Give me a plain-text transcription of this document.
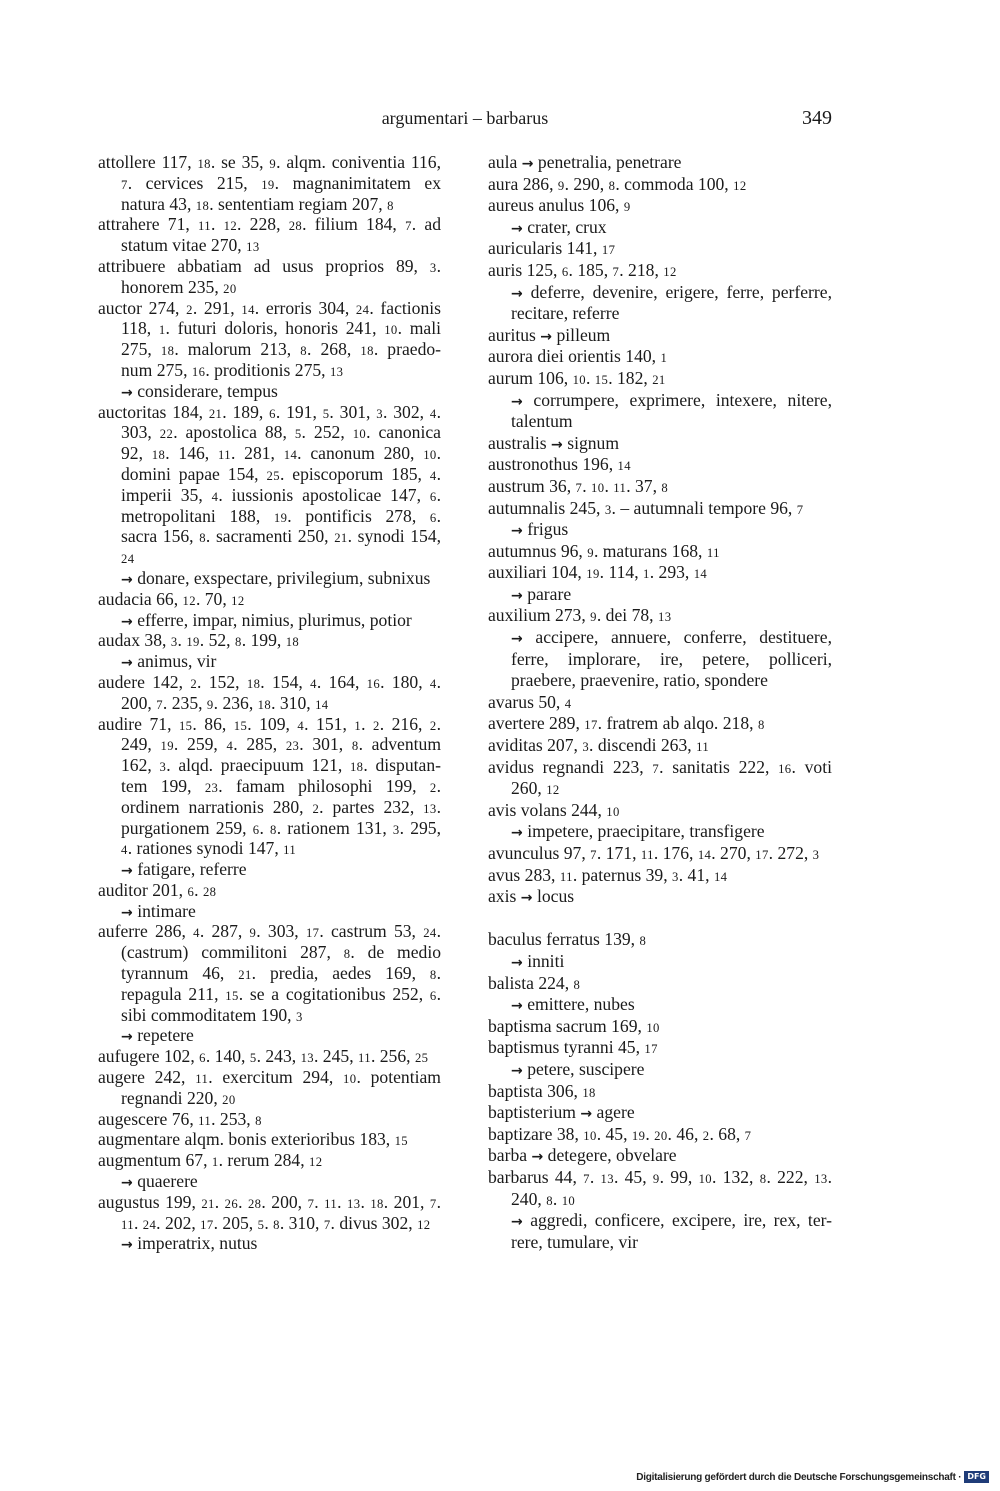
argumentari – barbarus	349
attollere 117, 18. se 35, 9. alqm. coniventia 116,
7. cervices 215, 19. magnanimitatem ex
natura 43, 18. sententiam regiam 207, 8
attrahere 71, 11. 12. 228, 28. filium 184, 7. ad
statum vitae 270, 13
attribuere abbatiam ad usus proprios 89, 3.
honorem 235, 20
auctor 274, 2. 291, 14. erroris 304, 24. factionis
118, 1. futuri doloris, honoris 241, 10. mali
275, 18. malorum 213, 8. 268, 18. praedo-
num 275, 16. proditionis 275, 13
→ considerare, tempus
auctoritas 184, 21. 189, 6. 191, 5. 301, 3. 302, 4.
303, 22. apostolica 88, 5. 252, 10. canonica
92, 18. 146, 11. 281, 14. canonum 280, 10.
domini papae 154, 25. episcoporum 185, 4.
imperii 35, 4. iussionis apostolicae 147, 6.
metropolitani 188, 19. pontificis 278, 6.
sacra 156, 8. sacramenti 250, 21. synodi 154,
24
→ donare, exspectare, privilegium, subnixus
audacia 66, 12. 70, 12
→ efferre, impar, nimius, plurimus, potior
audax 38, 3. 19. 52, 8. 199, 18
→ animus, vir
audere 142, 2. 152, 18. 154, 4. 164, 16. 180, 4.
200, 7. 235, 9. 236, 18. 310, 14
audire 71, 15. 86, 15. 109, 4. 151, 1. 2. 216, 2.
249, 19. 259, 4. 285, 23. 301, 8. adventum
162, 3. alqd. praecipuum 121, 18. disputan-
tem 199, 23. famam philosophi 199, 2.
ordinem narrationis 280, 2. partes 232, 13.
purgationem 259, 6. 8. rationem 131, 3. 295,
4. rationes synodi 147, 11
→ fatigare, referre
auditor 201, 6. 28
→ intimare
auferre 286, 4. 287, 9. 303, 17. castrum 53, 24.
(castrum) commilitoni 287, 8. de medio
tyrannum 46, 21. predia, aedes 169, 8.
repagula 211, 15. se a cogitationibus 252, 6.
sibi commoditatem 190, 3
→ repetere
aufugere 102, 6. 140, 5. 243, 13. 245, 11. 256, 25
augere 242, 11. exercitum 294, 10. potentiam
regnandi 220, 20
augescere 76, 11. 253, 8
augmentare alqm. bonis exterioribus 183, 15
augmentum 67, 1. rerum 284, 12
→ quaerere
augustus 199, 21. 26. 28. 200, 7. 11. 13. 18. 201, 7.
11. 24. 202, 17. 205, 5. 8. 310, 7. divus 302, 12
→ imperatrix, nutus
aula → penetralia, penetrare
aura 286, 9. 290, 8. commoda 100, 12
aureus anulus 106, 9
→ crater, crux
auricularis 141, 17
auris 125, 6. 185, 7. 218, 12
→ deferre, devenire, erigere, ferre, perferre,
recitare, referre
auritus → pilleum
aurora diei orientis 140, 1
aurum 106, 10. 15. 182, 21
→ corrumpere, exprimere, intexere, nitere,
talentum
australis → signum
austronothus 196, 14
austrum 36, 7. 10. 11. 37, 8
autumnalis 245, 3. – autumnali tempore 96, 7
→ frigus
autumnus 96, 9. maturans 168, 11
auxiliari 104, 19. 114, 1. 293, 14
→ parare
auxilium 273, 9. dei 78, 13
→ accipere, annuere, conferre, destituere,
ferre, implorare, ire, petere, polliceri,
praebere, praevenire, ratio, spondere
avarus 50, 4
avertere 289, 17. fratrem ab alqo. 218, 8
aviditas 207, 3. discendi 263, 11
avidus regnandi 223, 7. sanitatis 222, 16. voti
260, 12
avis volans 244, 10
→ impetere, praecipitare, transfigere
avunculus 97, 7. 171, 11. 176, 14. 270, 17. 272, 3
avus 283, 11. paternus 39, 3. 41, 14
axis → locus
baculus ferratus 139, 8
→ inniti
balista 224, 8
→ emittere, nubes
baptisma sacrum 169, 10
baptismus tyranni 45, 17
→ petere, suscipere
baptista 306, 18
baptisterium → agere
baptizare 38, 10. 45, 19. 20. 46, 2. 68, 7
barba → detegere, obvelare
barbarus 44, 7. 13. 45, 9. 99, 10. 132, 8. 222, 13.
240, 8. 10
→ aggredi, conficere, excipere, ire, rex, ter-
rere, tumulare, vir
Digitalisierung gefördert durch die Deutsche Forschungsgemeinschaft · DFG
